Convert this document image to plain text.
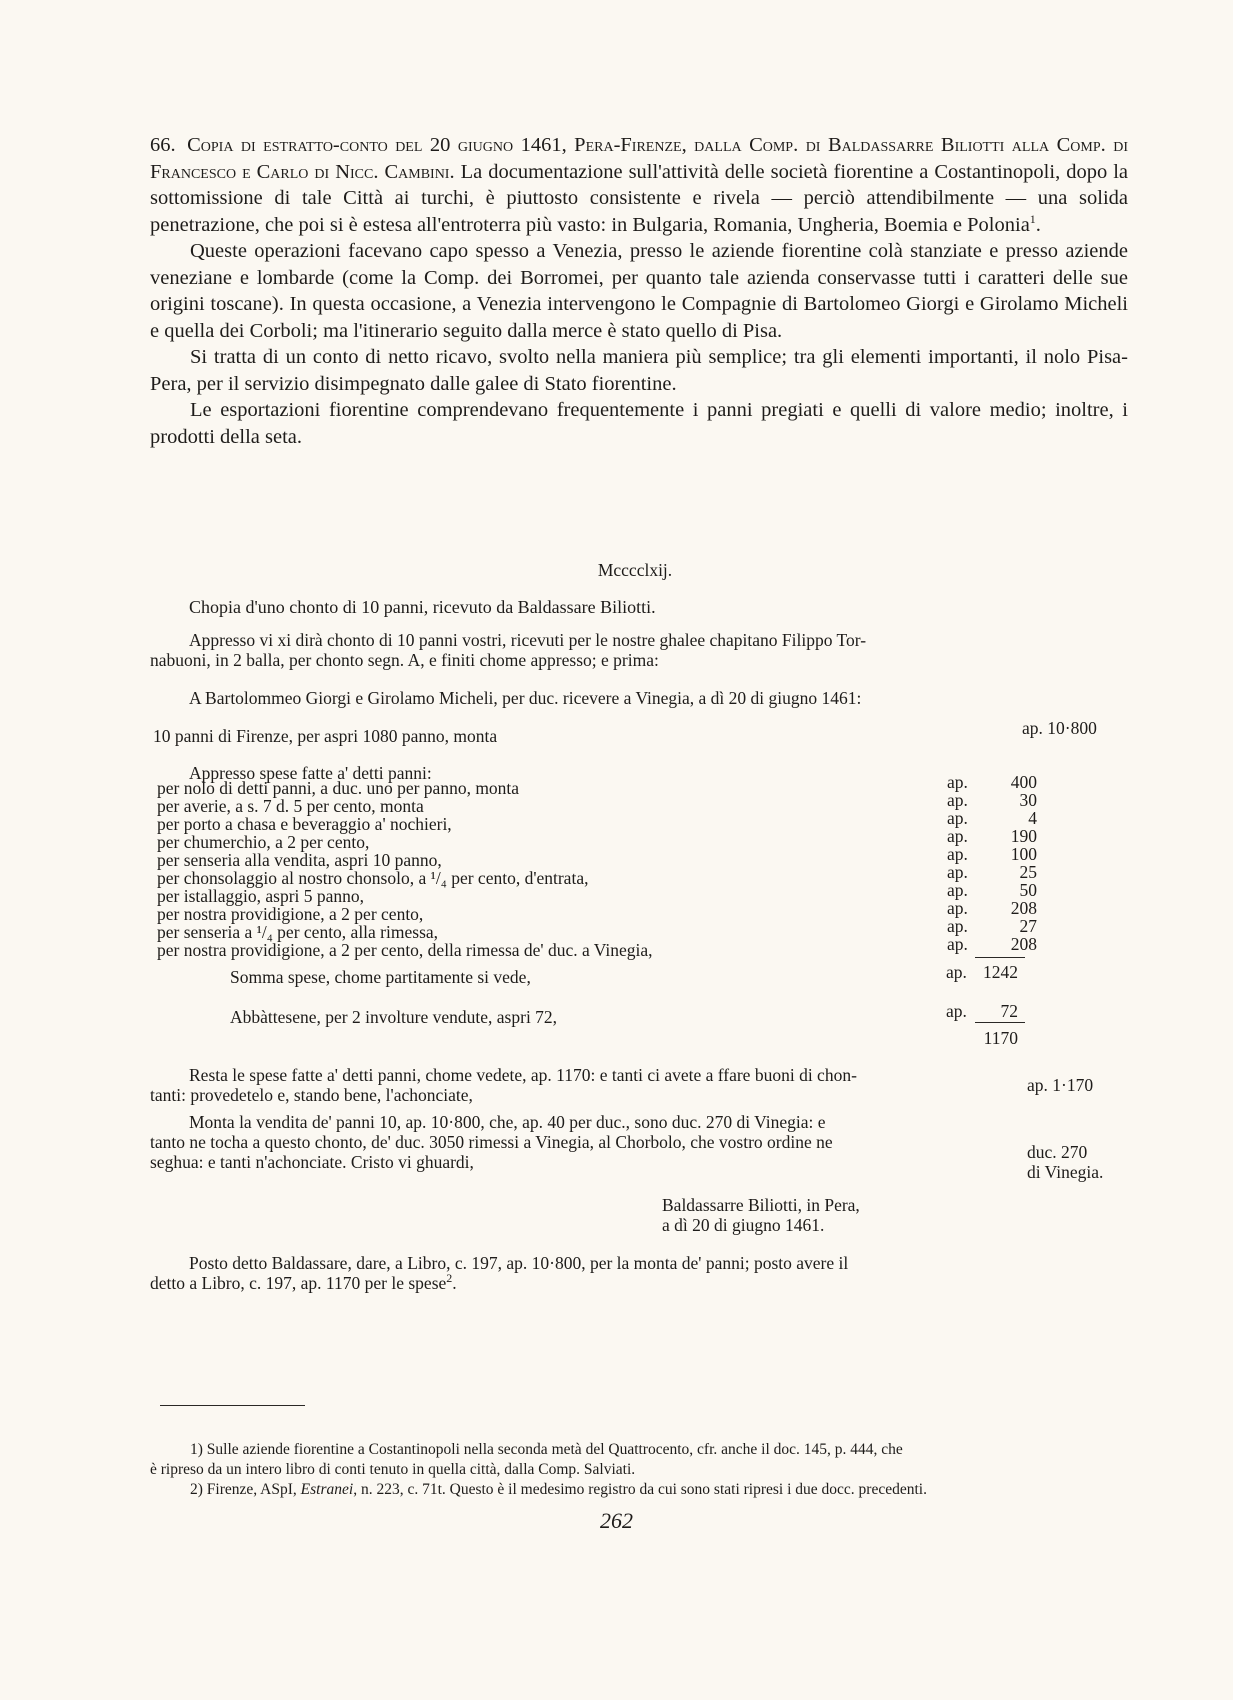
66. Copia di estratto-conto del 20 giugno 1461, Pera-Firenze, dalla Comp. di Baldassarre Biliotti alla Comp. di Francesco e Carlo di Nicc. Cambini. La documentazione sull'attività delle società fiorentine a Costantinopoli, dopo la sottomissione di tale Città ai turchi, è piuttosto consistente e rivela — perciò attendibilmente — una solida penetrazione, che poi si è estesa all'entroterra più vasto: in Bulgaria, Romania, Ungheria, Boemia e Polonia$^1$.

Queste operazioni facevano capo spesso a Venezia, presso le aziende fiorentine colà stanziate e presso aziende veneziane e lombarde (come la Comp. dei Borromei, per quanto tale azienda conservasse tutti i caratteri delle sue origini toscane). In questa occasione, a Venezia intervengono le Compagnie di Bartolomeo Giorgi e Girolamo Micheli e quella dei Corboli; ma l'itinerario seguito dalla merce è stato quello di Pisa.

Si tratta di un conto di netto ricavo, svolto nella maniera più semplice; tra gli elementi importanti, il nolo Pisa-Pera, per il servizio disimpegnato dalle galee di Stato fiorentine.

Le esportazioni fiorentine comprendevano frequentemente i panni pregiati e quelli di valore medio; inoltre, i prodotti della seta.

Mcccclxij.
Chopia d'uno chonto di 10 panni, ricevuto da Baldassare Biliotti.
Appresso vi xi dirà chonto di 10 panni vostri, ricevuti per le nostre ghalee chapitano Filippo Tor-
nabuoni, in 2 balla, per chonto segn. A, e finiti chome appresso; e prima:
A Bartolommeo Giorgi e Girolamo Micheli, per duc. ricevere a Vinegia, a dì 20 di giugno 1461:
10 panni di Firenze, per aspri 1080 panno, monta	ap. 10·800
Appresso spese fatte a' detti panni:
per nolo di detti panni, a duc. uno per panno, monta	ap.	400
per averie, a s. 7 d. 5 per cento, monta	ap.	30
per porto a chasa e beveraggio a' nochieri,	ap.	4
per chumerchio, a 2 per cento,	ap.	190
per senseria alla vendita, aspri 10 panno,	ap.	100
per chonsolaggio al nostro chonsolo, a ¹/₄ per cento, d'entrata,	ap.	25
per istallaggio, aspri 5 panno,	ap.	50
per nostra providigione, a 2 per cento,	ap.	208
per senseria a ¹/₄ per cento, alla rimessa,	ap.	27
per nostra providigione, a 2 per cento, della rimessa de' duc. a Vinegia,	ap.	208
Somma spese, chome partitamente si vede,	ap. 1242
Abbàttesene, per 2 involture vendute, aspri 72,	ap.	72
1170
Resta le spese fatte a' detti panni, chome vedete, ap. 1170: e tanti ci avete a ffare buoni di chon-
tanti: provedetelo e, stando bene, l'achonciate,	ap. 1·170
Monta la vendita de' panni 10, ap. 10·800, che, ap. 40 per duc., sono duc. 270 di Vinegia: e
tanto ne tocha a questo chonto, de' duc. 3050 rimessi a Vinegia, al Chorbolo, che vostro ordine ne
seghua: e tanti n'achonciate. Cristo vi ghuardi,	duc. 270
di Vinegia.
Baldassarre Biliotti, in Pera,
a dì 20 di giugno 1461.
Posto detto Baldassare, dare, a Libro, c. 197, ap. 10·800, per la monta de' panni; posto avere il
detto a Libro, c. 197, ap. 1170 per le spese$^2$.

1) Sulle aziende fiorentine a Costantinopoli nella seconda metà del Quattrocento, cfr. anche il doc. 145, p. 444, che

è ripreso da un intero libro di conti tenuto in quella città, dalla Comp. Salviati.

2) Firenze, ASpI, Estranei, n. 223, c. 71t. Questo è il medesimo registro da cui sono stati ripresi i due docc. precedenti.

262
